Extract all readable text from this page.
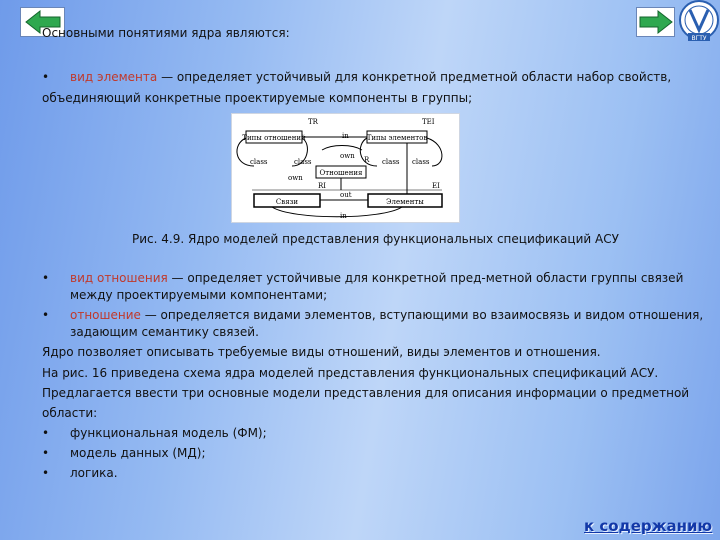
ВГТУ
Основными понятиями ядра являются:
• вид элемента — определяет устойчивый для конкретной предметной области набор свойств,
объединяющий конкретные проектируемые компоненты в группы;
Рис. 4.9. Ядро моделей представления функциональных спецификаций АСУ
• вид отношения — определяет устойчивые для конкретной пред-метной области группы связей
между проектируемыми компонентами;
• отношение — определяется видами элементов, вступающими во взаимосвязь и видом отношения,
задающим семантику связей.
Ядро позволяет описывать требуемые виды отношений, виды элементов и отношения.
На рис. 16 приведена схема ядра моделей представления функциональных спецификаций АСУ.
Предлагается ввести три основные модели представления для описания информации о предметной
области:
• функциональная модель (ФМ);
• модель данных (МД);
• логика.
Типы отношений
TR
Типы элементов
TEI
in
class	class	class class
own R
Отношения
own
RI	EI
Связи	Элементы
out
in
к содержанию
